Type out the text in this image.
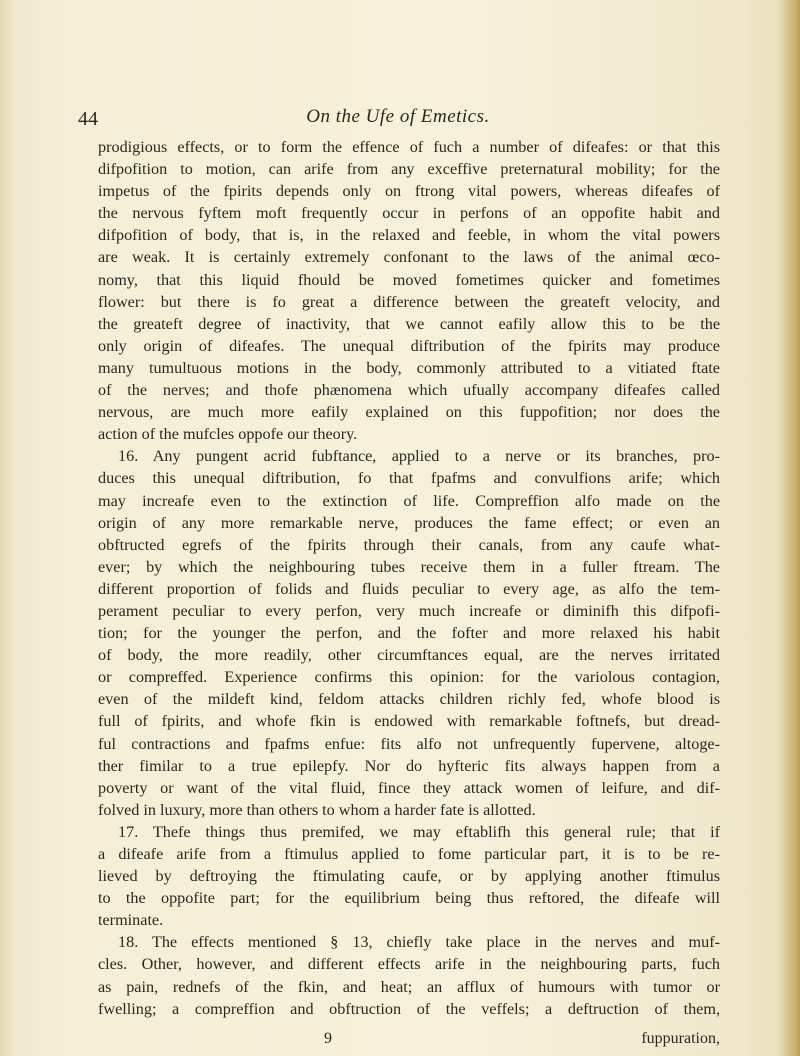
44	On the Ufe of Emetics.
prodigious effects, or to form the effence of fuch a number of difeafes: or that this
difpofition to motion, can arife from any exceffive preternatural mobility; for the
impetus of the fpirits depends only on ftrong vital powers, whereas difeafes of
the nervous fyftem moft frequently occur in perfons of an oppofite habit and
difpofition of body, that is, in the relaxed and feeble, in whom the vital powers
are weak. It is certainly extremely confonant to the laws of the animal œco-
nomy, that this liquid fhould be moved fometimes quicker and fometimes
flower: but there is fo great a difference between the greateft velocity, and
the greateft degree of inactivity, that we cannot eafily allow this to be the
only origin of difeafes. The unequal diftribution of the fpirits may produce
many tumultuous motions in the body, commonly attributed to a vitiated ftate
of the nerves; and thofe phænomena which ufually accompany difeafes called
nervous, are much more eafily explained on this fuppofition; nor does the
action of the mufcles oppofe our theory.
16. Any pungent acrid fubftance, applied to a nerve or its branches, pro-
duces this unequal diftribution, fo that fpafms and convulfions arife; which
may increafe even to the extinction of life. Compreffion alfo made on the
origin of any more remarkable nerve, produces the fame effect; or even an
obftructed egrefs of the fpirits through their canals, from any caufe what-
ever; by which the neighbouring tubes receive them in a fuller ftream. The
different proportion of folids and fluids peculiar to every age, as alfo the tem-
perament peculiar to every perfon, very much increafe or diminifh this difpofi-
tion; for the younger the perfon, and the fofter and more relaxed his habit
of body, the more readily, other circumftances equal, are the nerves irritated
or compreffed. Experience confirms this opinion: for the variolous contagion,
even of the mildeft kind, feldom attacks children richly fed, whofe blood is
full of fpirits, and whofe fkin is endowed with remarkable foftnefs, but dread-
ful contractions and fpafms enfue: fits alfo not unfrequently fupervene, altoge-
ther fimilar to a true epilepfy. Nor do hyfteric fits always happen from a
poverty or want of the vital fluid, fince they attack women of leifure, and dif-
folved in luxury, more than others to whom a harder fate is allotted.
17. Thefe things thus premifed, we may eftablifh this general rule; that if
a difeafe arife from a ftimulus applied to fome particular part, it is to be re-
lieved by deftroying the ftimulating caufe, or by applying another ftimulus
to the oppofite part; for the equilibrium being thus reftored, the difeafe will
terminate.
18. The effects mentioned § 13, chiefly take place in the nerves and muf-
cles. Other, however, and different effects arife in the neighbouring parts, fuch
as pain, rednefs of the fkin, and heat; an afflux of humours with tumor or
fwelling; a compreffion and obftruction of the veffels; a deftruction of them,
9	fuppuration,
